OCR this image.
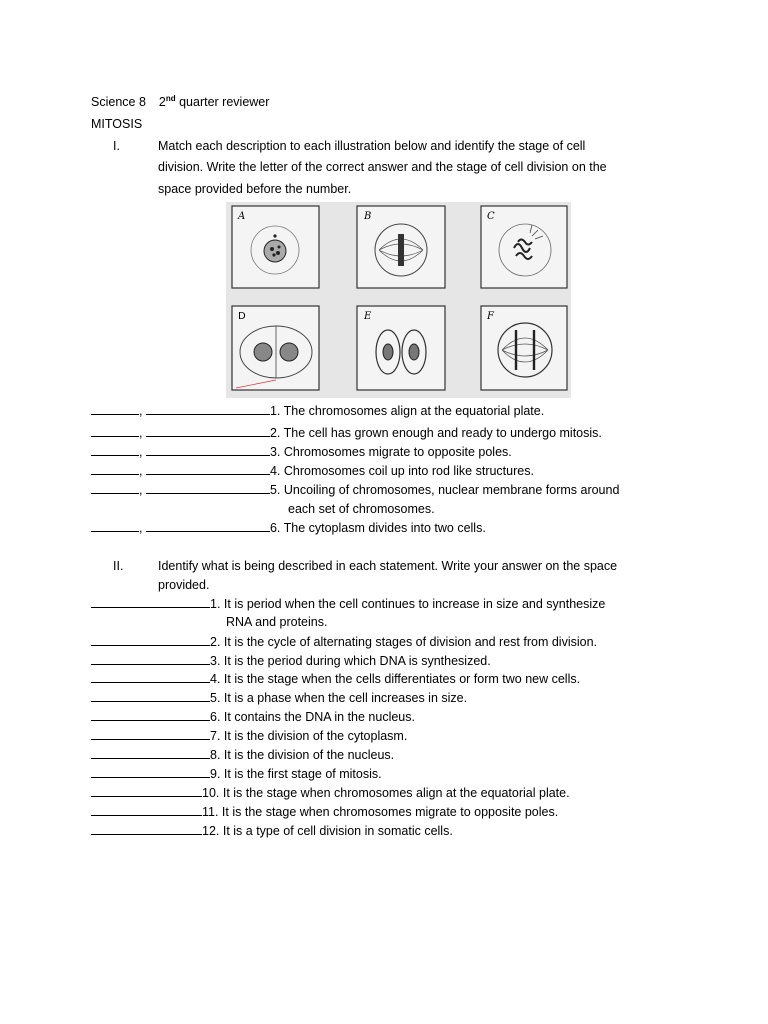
Science 8 2nd quarter reviewer
MITOSIS
I.	Match each description to each illustration below and identify the stage of cell
division. Write the letter of the correct answer and the stage of cell division on the
space provided before the number.
A	B	C
D	E	F
,	1. The chromosomes align at the equatorial plate.
,	2. The cell has grown enough and ready to undergo mitosis.
,	3. Chromosomes migrate to opposite poles.
,	4. Chromosomes coil up into rod like structures.
,	5. Uncoiling of chromosomes, nuclear membrane forms around
each set of chromosomes.
,	6. The cytoplasm divides into two cells.
II.	Identify what is being described in each statement. Write your answer on the space
provided.
1. It is period when the cell continues to increase in size and synthesize
RNA and proteins.
2. It is the cycle of alternating stages of division and rest from division.
3. It is the period during which DNA is synthesized.
4. It is the stage when the cells differentiates or form two new cells.
5. It is a phase when the cell increases in size.
6. It contains the DNA in the nucleus.
7. It is the division of the cytoplasm.
8. It is the division of the nucleus.
9. It is the first stage of mitosis.
10. It is the stage when chromosomes align at the equatorial plate.
11. It is the stage when chromosomes migrate to opposite poles.
12. It is a type of cell division in somatic cells.
